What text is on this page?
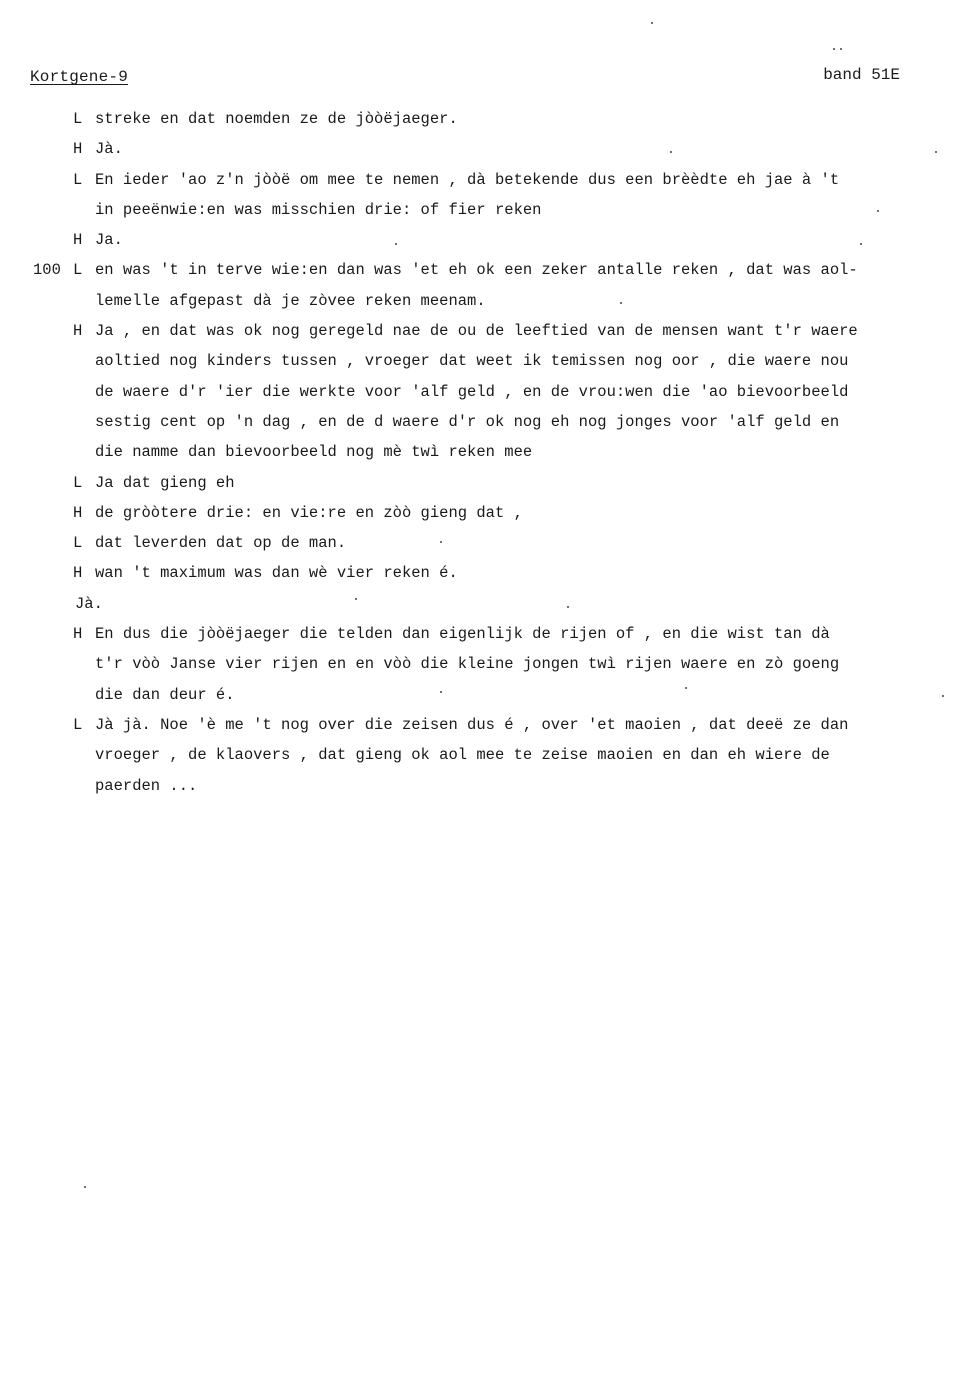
Kortgene-9	band 51E

L

streke en dat noemden ze de jòòëjaeger.

H

Jà.

L

En ieder 'ao z'n jòòë om mee te nemen , dà betekende dus een brèèdte eh jae à 't

in peeënwie:en was misschien drie: of fier reken

H

Ja.

100

L

en was 't in terve wie:en dan was 'et eh ok een zeker antalle reken , dat was aol-

lemelle afgepast dà je zòvee reken meenam.

H

Ja , en dat was ok nog geregeld nae de ou de leeftied van de mensen want t'r waere

aoltied nog kinders tussen , vroeger dat weet ik temissen nog oor , die waere nou

de waere d'r 'ier die werkte voor 'alf geld , en de vrou:wen die 'ao bievoorbeeld

sestig cent op 'n dag , en de d waere d'r ok nog eh nog jonges voor 'alf geld en

die namme dan bievoorbeeld nog mè twì reken mee

L

Ja dat gieng eh

H

de gròòtere drie: en vie:re en zòò gieng dat ,

L

dat leverden dat op de man.

H

wan 't maximum was dan wè vier reken é.

Jà.

H

En dus die jòòëjaeger die telden dan eigenlijk de rijen of , en die wist tan dà

t'r vòò Janse vier rijen en en vòò die kleine jongen twì rijen waere en zò goeng

die dan deur é.

L

Jà jà. Noe 'è me 't nog over die zeisen dus é , over 'et maoien , dat deeë ze dan

vroeger , de klaovers , dat gieng ok aol mee te zeise maoien en dan eh wiere de

paerden ...
